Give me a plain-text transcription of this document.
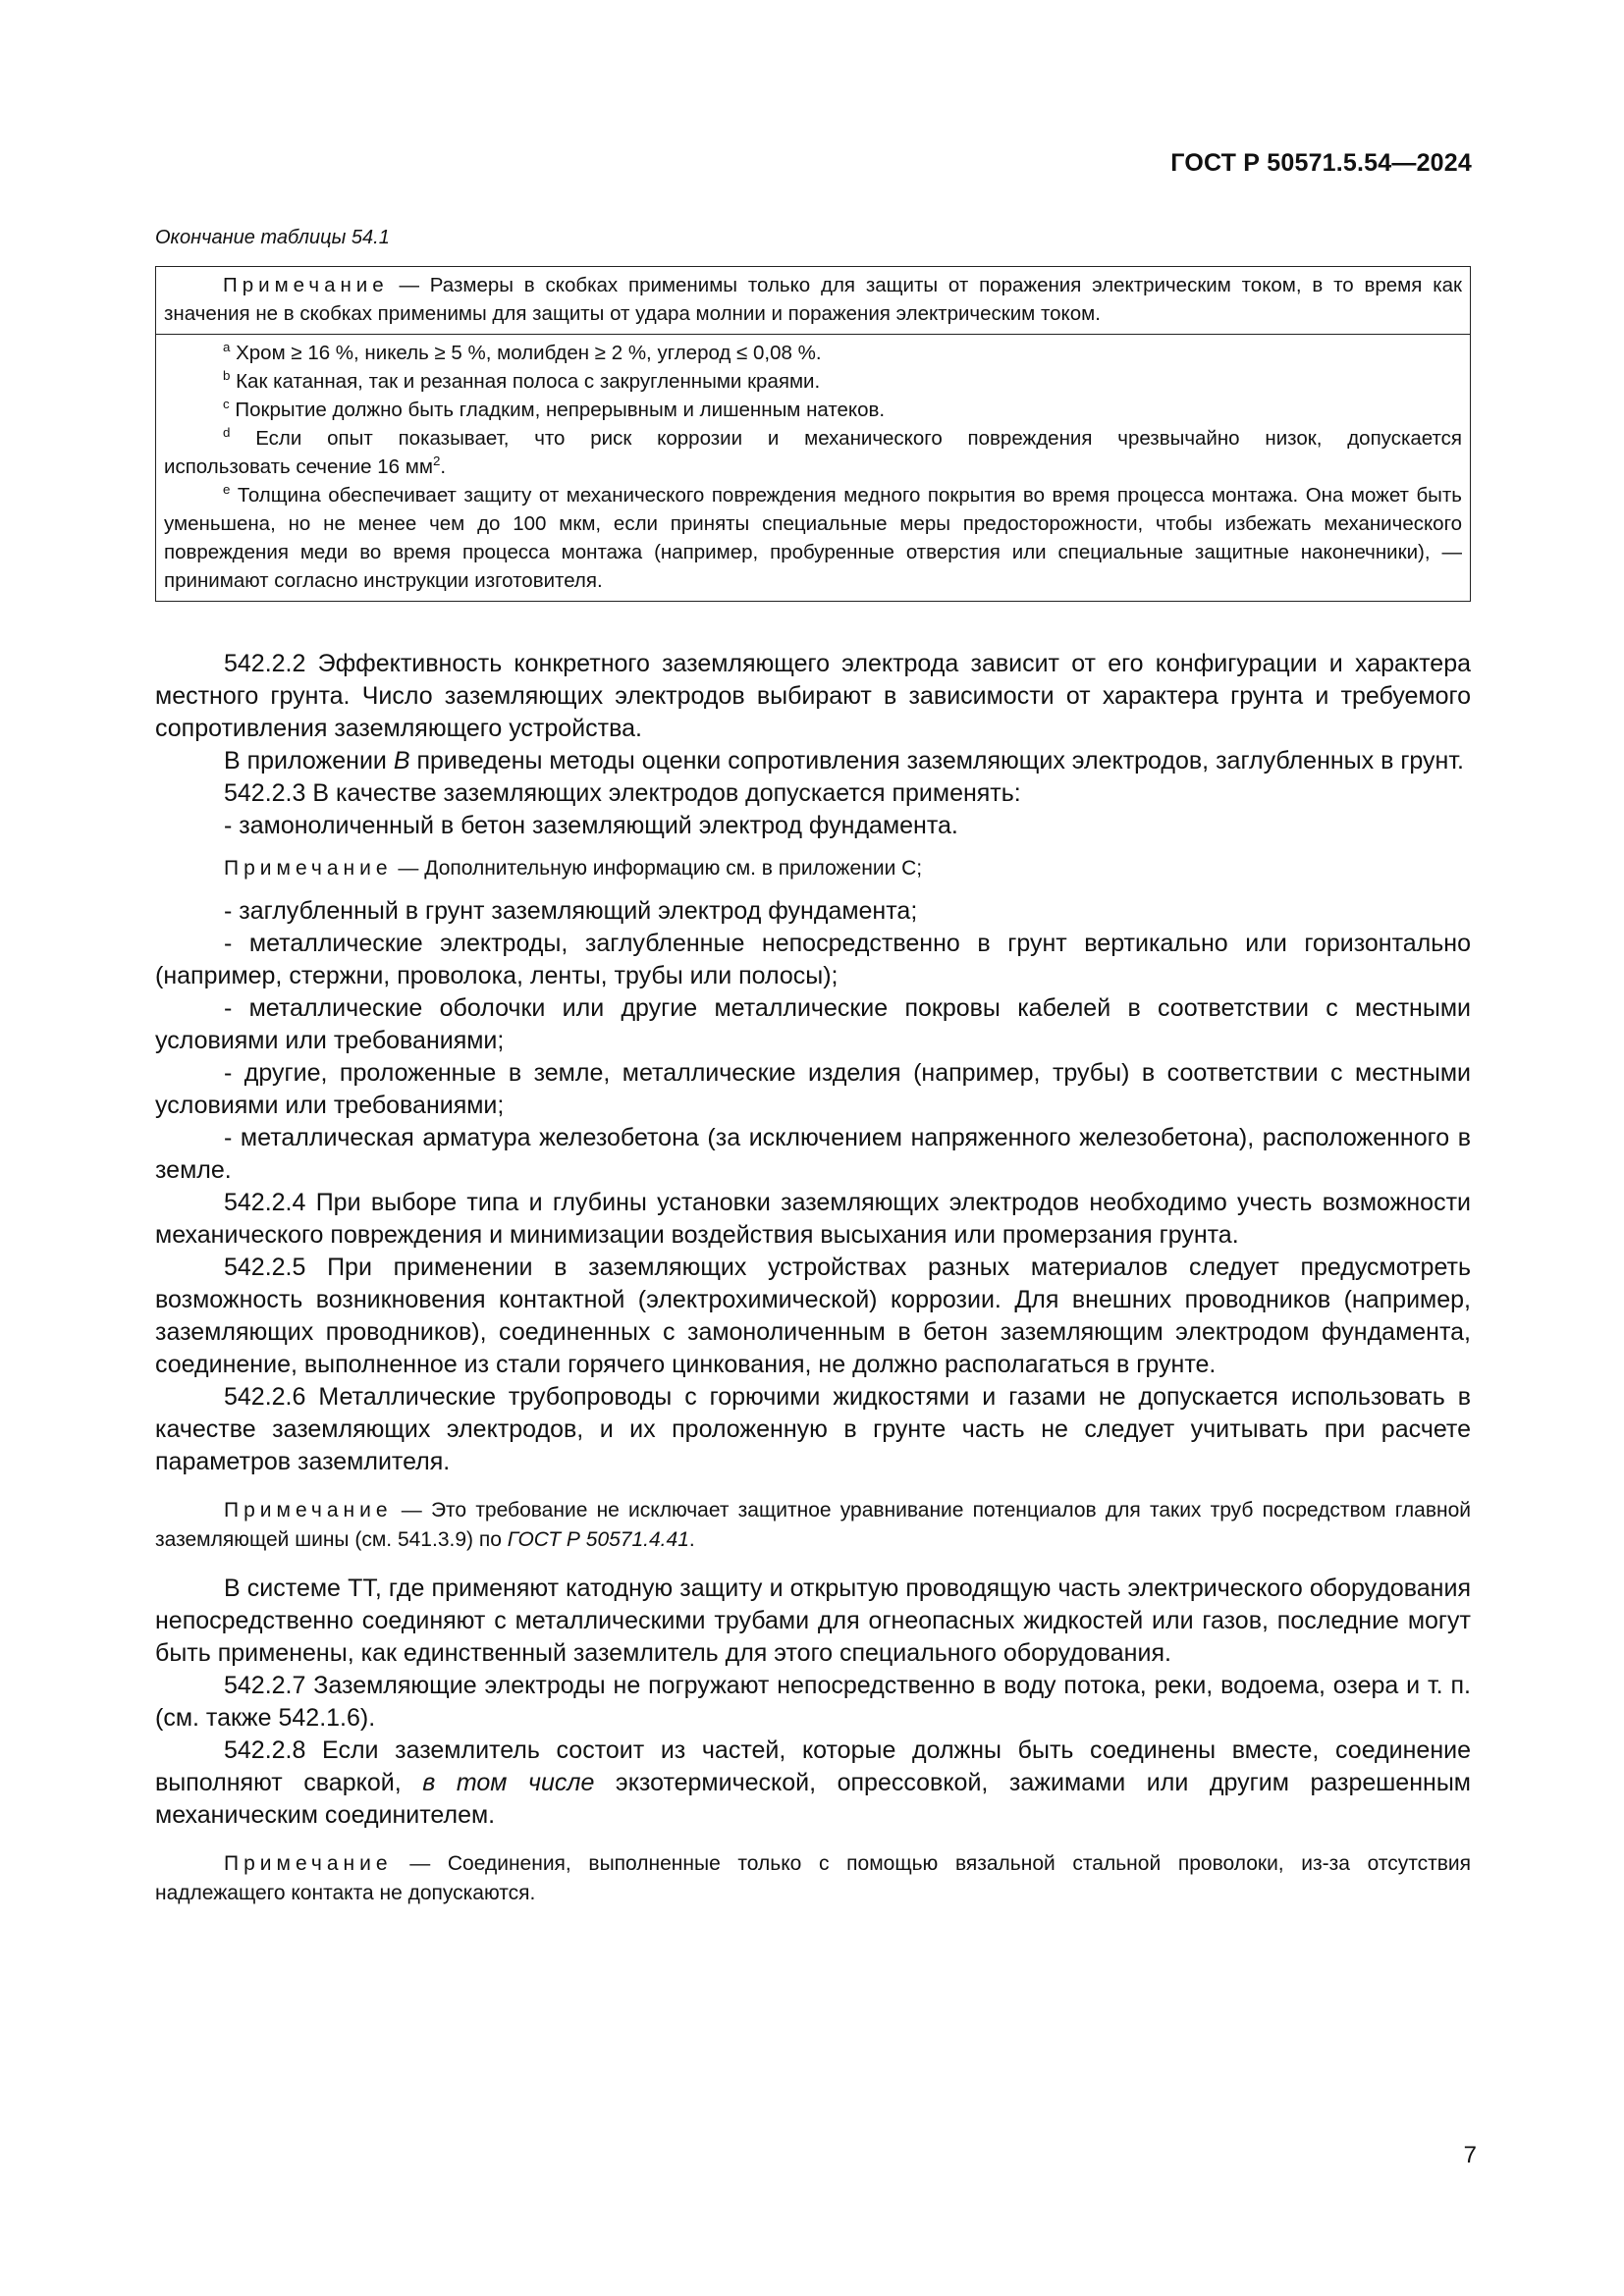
ГОСТ Р 50571.5.54—2024
Окончание таблицы 54.1
Примечание — Размеры в скобках применимы только для защиты от поражения электрическим током, в то время как значения не в скобках применимы для защиты от удара молнии и поражения электрическим током.
$^a$ Хром ≥ 16 %, никель ≥ 5 %, молибден ≥ 2 %, углерод ≤ 0,08 %.
$^b$ Как катанная, так и резанная полоса с закругленными краями.
$^c$ Покрытие должно быть гладким, непрерывным и лишенным натеков.
$^d$ Если опыт показывает, что риск коррозии и механического повреждения чрезвычайно низок, допускается
использовать сечение 16 $мм^2$.
$^e$ Толщина обеспечивает защиту от механического повреждения медного покрытия во время процесса монтажа. Она может быть уменьшена, но не менее чем до 100 мкм, если приняты специальные меры предосторожности, чтобы избежать механического повреждения меди во время процесса монтажа (например, пробуренные отверстия или специальные защитные наконечники), — принимают согласно инструкции изготовителя.

542.2.2 Эффективность конкретного заземляющего электрода зависит от его конфигурации и характера местного грунта. Число заземляющих электродов выбирают в зависимости от характера грунта и требуемого сопротивления заземляющего устройства.

В приложении B приведены методы оценки сопротивления заземляющих электродов, заглубленных в грунт.

542.2.3 В качестве заземляющих электродов допускается применять:

- замоноличенный в бетон заземляющий электрод фундамента.

Примечание — Дополнительную информацию см. в приложении С;

- заглубленный в грунт заземляющий электрод фундамента;

- металлические электроды, заглубленные непосредственно в грунт вертикально или горизонтально (например, стержни, проволока, ленты, трубы или полосы);

- металлические оболочки или другие металлические покровы кабелей в соответствии с местными условиями или требованиями;

- другие, проложенные в земле, металлические изделия (например, трубы) в соответствии с местными условиями или требованиями;

- металлическая арматура железобетона (за исключением напряженного железобетона), расположенного в земле.

542.2.4 При выборе типа и глубины установки заземляющих электродов необходимо учесть возможности механического повреждения и минимизации воздействия высыхания или промерзания грунта.

542.2.5 При применении в заземляющих устройствах разных материалов следует предусмотреть возможность возникновения контактной (электрохимической) коррозии. Для внешних проводников (например, заземляющих проводников), соединенных с замоноличенным в бетон заземляющим электродом фундамента, соединение, выполненное из стали горячего цинкования, не должно располагаться в грунте.

542.2.6 Металлические трубопроводы с горючими жидкостями и газами не допускается использовать в качестве заземляющих электродов, и их проложенную в грунте часть не следует учитывать при расчете параметров заземлителя.

Примечание — Это требование не исключает защитное уравнивание потенциалов для таких труб посредством главной заземляющей шины (см. 541.3.9) по ГОСТ Р 50571.4.41.

В системе ТТ, где применяют катодную защиту и открытую проводящую часть электрического оборудования непосредственно соединяют с металлическими трубами для огнеопасных жидкостей или газов, последние могут быть применены, как единственный заземлитель для этого специального оборудования.

542.2.7 Заземляющие электроды не погружают непосредственно в воду потока, реки, водоема, озера и т. п. (см. также 542.1.6).

542.2.8 Если заземлитель состоит из частей, которые должны быть соединены вместе, соединение выполняют сваркой, в том числе экзотермической, опрессовкой, зажимами или другим разрешенным механическим соединителем.

Примечание — Соединения, выполненные только с помощью вязальной стальной проволоки, из-за отсутствия надлежащего контакта не допускаются.

7
